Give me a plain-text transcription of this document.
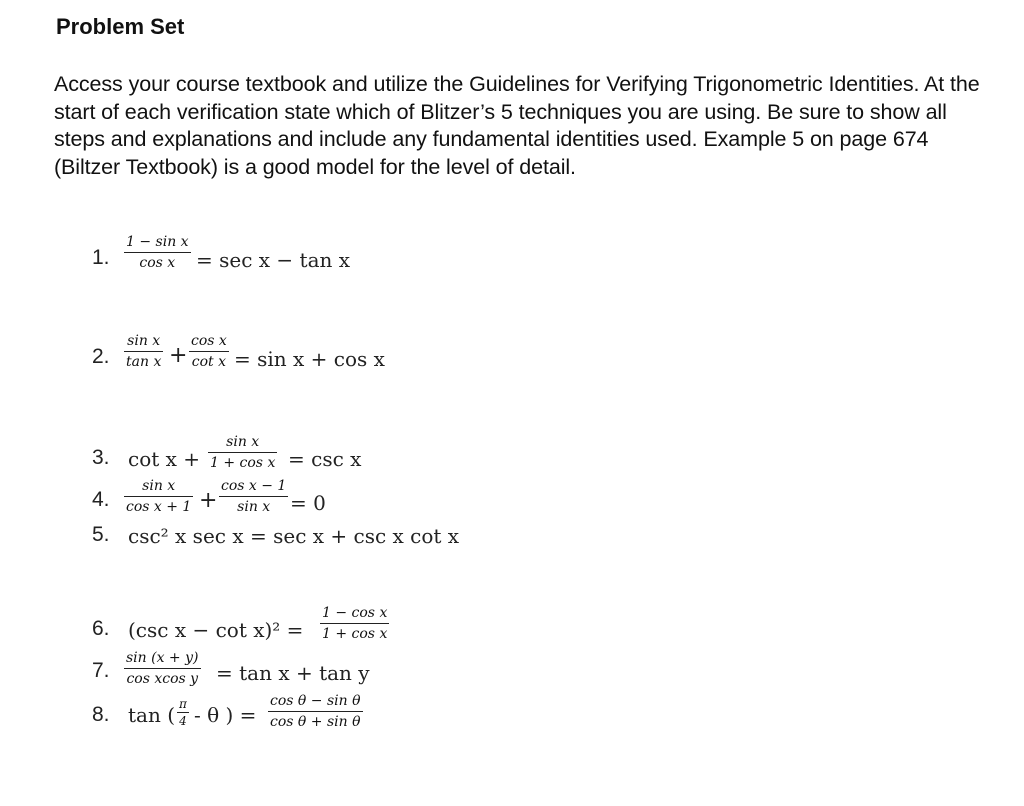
Problem Set
Access your course textbook and utilize the Guidelines for Verifying Trigonometric Identities. At the start of each verification state which of Blitzer’s 5 techniques you are using. Be sure to show all steps and explanations and include any fundamental identities used. Example 5 on page 674 (Biltzer Textbook) is a good model for the level of detail.
1. $\frac{\text{1 − sin x}}{\text{cos x}} = \sec x - \tan x$
2. $\frac{\text{sin x}}{\text{tan x}} + \frac{\text{cos x}}{\text{cot x}} = \sin x + \cos x$
3. $\cot x + \frac{\text{sin x}}{\text{1 + cos x}} = \csc x$
4. $\frac{\text{sin x}}{\text{cos x + 1}} + \frac{\text{cos x − 1}}{\text{sin x}} = 0$
5. csc² x sec x = sec x + csc x cot x
6. (csc $x - \cot x)^2 = \frac{\text{1 − cos x}}{\text{1 + cos x}}$
7. $\frac{\sin (x + y)}{\text{cos xcos y}} = \tan x + \tan y$
8. tan ( $\frac{\pi}{4}$ - θ ) = $\frac{\text{cos θ − sin θ}}{\text{cos θ + sin θ}}$
